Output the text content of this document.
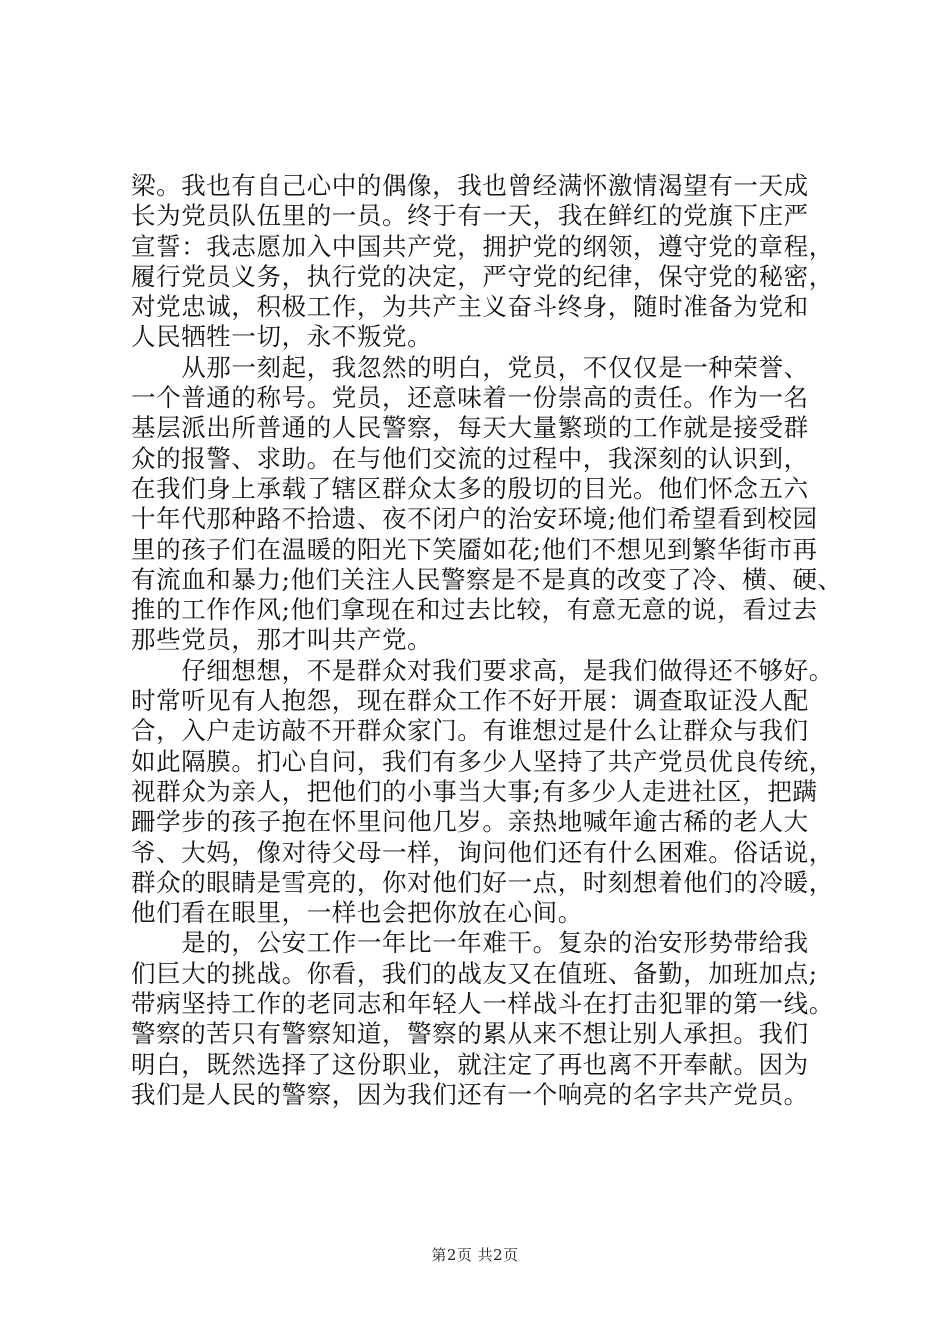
梁。我也有自己心中的偶像，我也曾经满怀激情渴望有一天成
长为党员队伍里的一员。终于有一天，我在鲜红的党旗下庄严
宣誓：我志愿加入中国共产党，拥护党的纲领，遵守党的章程，
履行党员义务，执行党的决定，严守党的纪律，保守党的秘密，
对党忠诚，积极工作，为共产主义奋斗终身，随时准备为党和
人民牺牲一切，永不叛党。
　　从那一刻起，我忽然的明白，党员，不仅仅是一种荣誉、
一个普通的称号。党员，还意味着一份崇高的责任。作为一名
基层派出所普通的人民警察，每天大量繁琐的工作就是接受群
众的报警、求助。在与他们交流的过程中，我深刻的认识到，
在我们身上承载了辖区群众太多的殷切的目光。他们怀念五六
十年代那种路不拾遗、夜不闭户的治安环境;他们希望看到校园
里的孩子们在温暖的阳光下笑靥如花;他们不想见到繁华街市再
有流血和暴力;他们关注人民警察是不是真的改变了冷、横、硬、
推的工作作风;他们拿现在和过去比较，有意无意的说，看过去
那些党员，那才叫共产党。
　　仔细想想，不是群众对我们要求高，是我们做得还不够好。
时常听见有人抱怨，现在群众工作不好开展：调查取证没人配
合，入户走访敲不开群众家门。有谁想过是什么让群众与我们
如此隔膜。扪心自问，我们有多少人坚持了共产党员优良传统，
视群众为亲人，把他们的小事当大事;有多少人走进社区，把蹒
跚学步的孩子抱在怀里问他几岁。亲热地喊年逾古稀的老人大
爷、大妈，像对待父母一样，询问他们还有什么困难。俗话说，
群众的眼睛是雪亮的，你对他们好一点，时刻想着他们的冷暖，
他们看在眼里，一样也会把你放在心间。
　　是的，公安工作一年比一年难干。复杂的治安形势带给我
们巨大的挑战。你看，我们的战友又在值班、备勤，加班加点;
带病坚持工作的老同志和年轻人一样战斗在打击犯罪的第一线。
警察的苦只有警察知道，警察的累从来不想让别人承担。我们
明白，既然选择了这份职业，就注定了再也离不开奉献。因为
我们是人民的警察，因为我们还有一个响亮的名字共产党员。
第2页 共2页
